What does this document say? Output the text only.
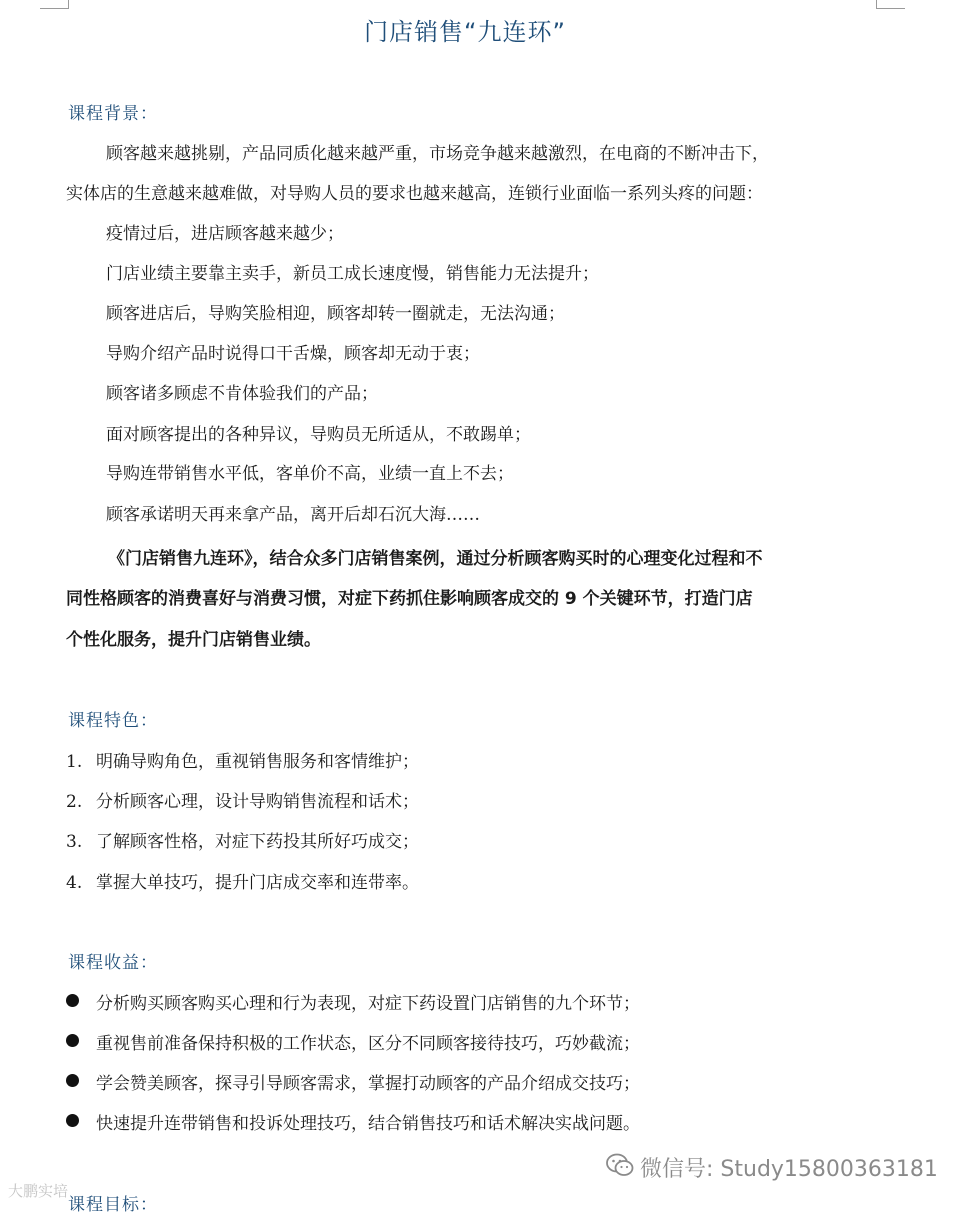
门店销售“九连环”
课程背景：
顾客越来越挑剔，产品同质化越来越严重，市场竞争越来越激烈，在电商的不断冲击下，
实体店的生意越来越难做，对导购人员的要求也越来越高，连锁行业面临一系列头疼的问题：
疫情过后，进店顾客越来越少；
门店业绩主要靠主卖手，新员工成长速度慢，销售能力无法提升；
顾客进店后，导购笑脸相迎，顾客却转一圈就走，无法沟通；
导购介绍产品时说得口干舌燥，顾客却无动于衷；
顾客诸多顾虑不肯体验我们的产品；
面对顾客提出的各种异议，导购员无所适从，不敢踢单；
导购连带销售水平低，客单价不高，业绩一直上不去；
顾客承诺明天再来拿产品，离开后却石沉大海……
《门店销售九连环》，结合众多门店销售案例，通过分析顾客购买时的心理变化过程和不
同性格顾客的消费喜好与消费习惯，对症下药抓住影响顾客成交的 9 个关键环节，打造门店
个性化服务，提升门店销售业绩。
课程特色：
1. 明确导购角色，重视销售服务和客情维护；
2. 分析顾客心理，设计导购销售流程和话术；
3. 了解顾客性格，对症下药投其所好巧成交；
4. 掌握大单技巧，提升门店成交率和连带率。
课程收益：
分析购买顾客购买心理和行为表现，对症下药设置门店销售的九个环节；
重视售前准备保持积极的工作状态，区分不同顾客接待技巧，巧妙截流；
学会赞美顾客，探寻引导顾客需求，掌握打动顾客的产品介绍成交技巧；
快速提升连带销售和投诉处理技巧，结合销售技巧和话术解决实战问题。
课程目标：
大鹏实培
微信号: Study15800363181
